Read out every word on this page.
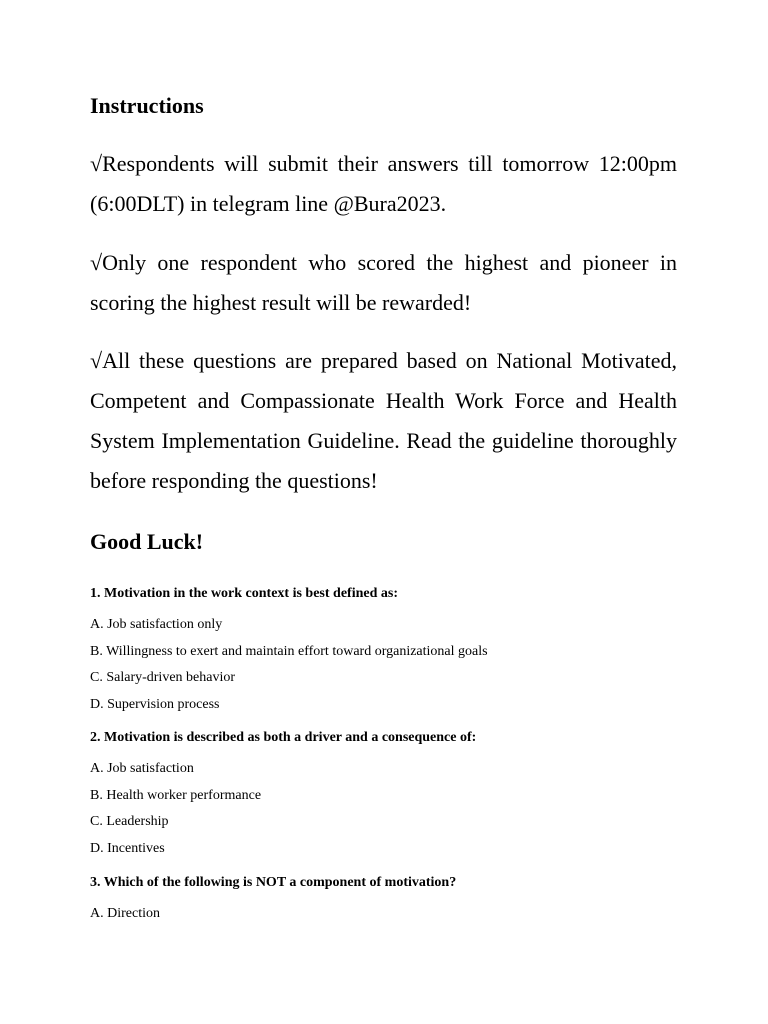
Instructions
√Respondents will submit their answers till tomorrow 12:00pm (6:00DLT) in telegram line @Bura2023.
√Only one respondent who scored the highest and pioneer in scoring the highest result will be rewarded!
√All these questions are prepared based on National Motivated, Competent and Compassionate Health Work Force and Health System Implementation Guideline. Read the guideline thoroughly before responding the questions!
Good Luck!
1. Motivation in the work context is best defined as:
A. Job satisfaction only
B. Willingness to exert and maintain effort toward organizational goals
C. Salary-driven behavior
D. Supervision process
2. Motivation is described as both a driver and a consequence of:
A. Job satisfaction
B. Health worker performance
C. Leadership
D. Incentives
3. Which of the following is NOT a component of motivation?
A. Direction
